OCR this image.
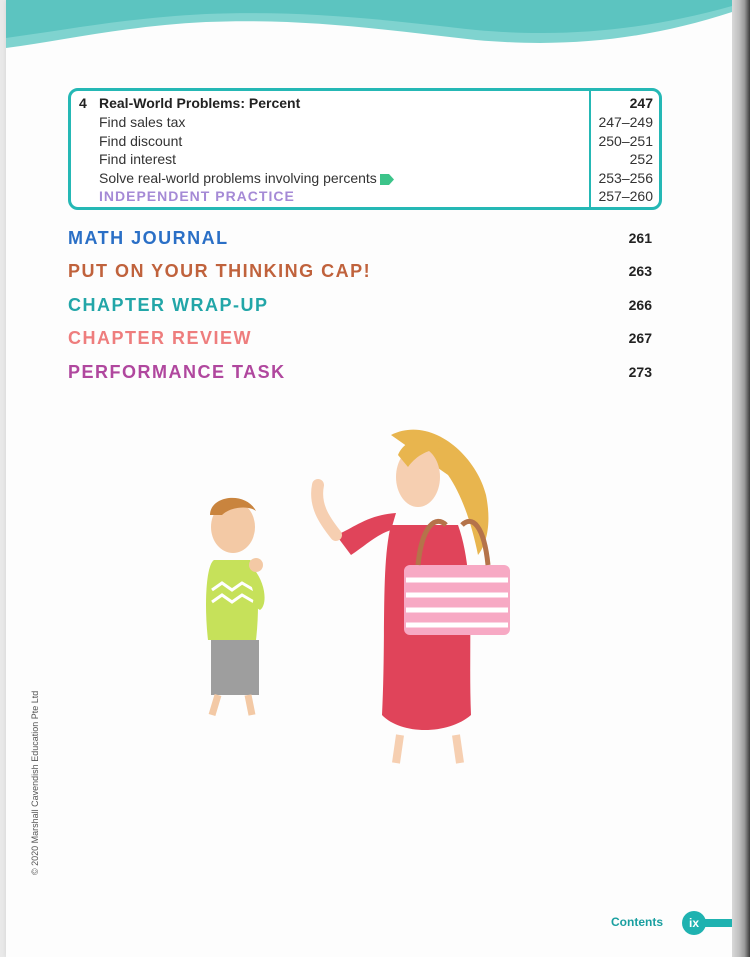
4 Real-World Problems: Percent	247
Find sales tax	247–249
Find discount	250–251
Find interest	252
Solve real-world problems involving percents	253–256
INDEPENDENT PRACTICE	257–260
MATH JOURNAL	261
PUT ON YOUR THINKING CAP!	263
CHAPTER WRAP-UP	266
CHAPTER REVIEW	267
PERFORMANCE TASK	273
© 2020 Marshall Cavendish Education Pte Ltd
Contents	ix
